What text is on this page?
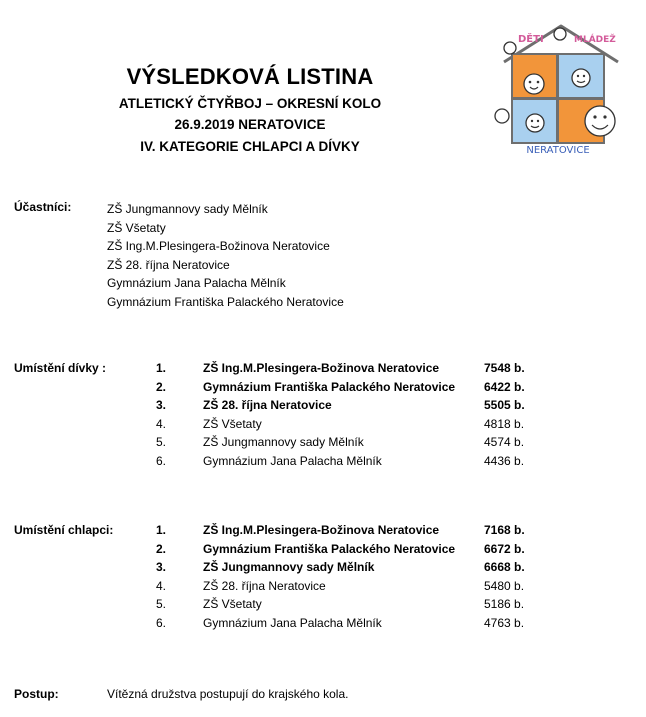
VÝSLEDKOVÁ LISTINA
ATLETICKÝ ČTYŘBOJ – OKRESNÍ KOLO
26.9.2019 NERATOVICE
IV. KATEGORIE CHLAPCI A DÍVKY
DĚTI	MLÁDEŽ
NERATOVICE
Účastníci:	ZŠ Jungmannovy sady Mělník
ZŠ Všetaty
ZŠ Ing.M.Plesingera-Božinova Neratovice
ZŠ 28. října Neratovice
Gymnázium Jana Palacha Mělník
Gymnázium Františka Palackého Neratovice
Umístění dívky :	1.	ZŠ Ing.M.Plesingera-Božinova Neratovice	7548 b.
2.	Gymnázium Františka Palackého Neratovice 6422 b.
3.	ZŠ 28. října Neratovice	5505 b.
4.	ZŠ Všetaty	4818 b.
5.	ZŠ Jungmannovy sady Mělník	4574 b.
6.	Gymnázium Jana Palacha Mělník	4436 b.
Umístění chlapci:	1.	ZŠ Ing.M.Plesingera-Božinova Neratovice	7168 b.
2.	Gymnázium Františka Palackého Neratovice 6672 b.
3.	ZŠ Jungmannovy sady Mělník	6668 b.
4.	ZŠ 28. října Neratovice	5480 b.
5.	ZŠ Všetaty	5186 b.
6.	Gymnázium Jana Palacha Mělník	4763 b.
Postup:	Vítězná družstva postupují do krajského kola.
